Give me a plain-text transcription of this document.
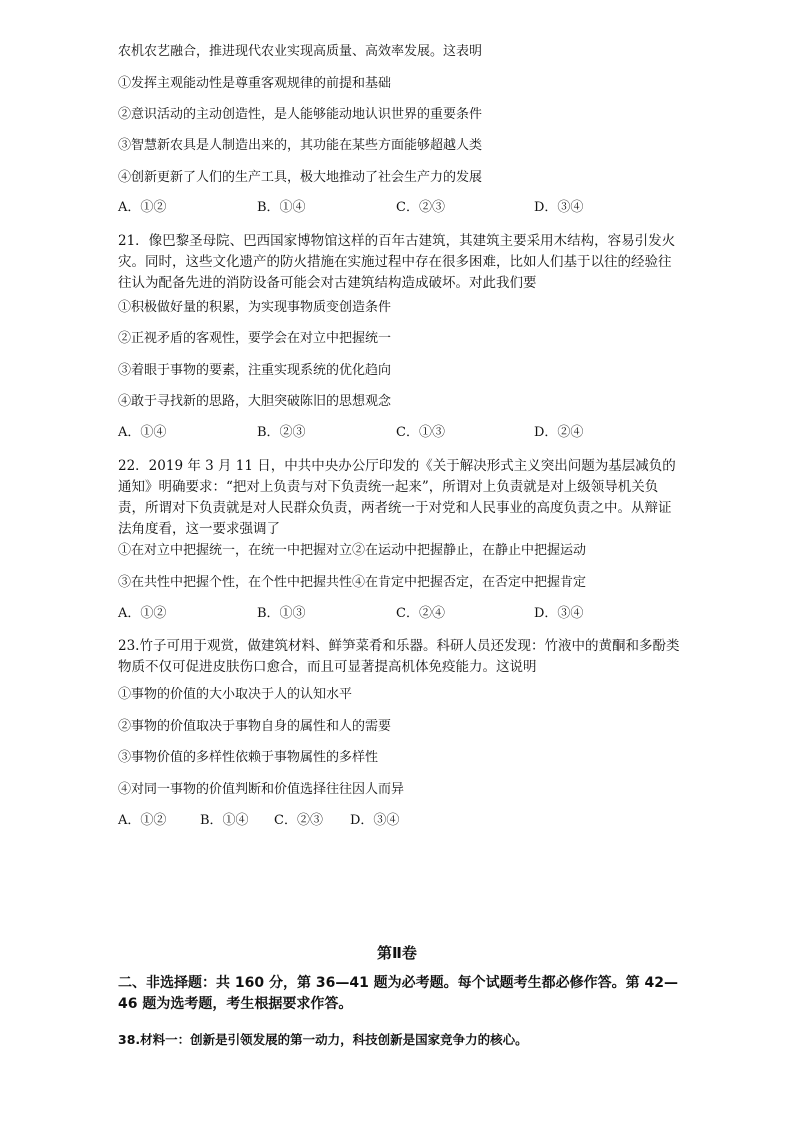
农机农艺融合，推进现代农业实现高质量、高效率发展。这表明
①发挥主观能动性是尊重客观规律的前提和基础
②意识活动的主动创造性，是人能够能动地认识世界的重要条件
③智慧新农具是人制造出来的，其功能在某些方面能够超越人类
④创新更新了人们的生产工具，极大地推动了社会生产力的发展
A．①②	B．①④	C．②③	D．③④
21．像巴黎圣母院、巴西国家博物馆这样的百年古建筑，其建筑主要采用木结构，容易引发火灾。同时，这些文化遗产的防火措施在实施过程中存在很多困难，比如人们基于以往的经验往往认为配备先进的消防设备可能会对古建筑结构造成破坏。对此我们要
①积极做好量的积累，为实现事物质变创造条件
②正视矛盾的客观性，要学会在对立中把握统一
③着眼于事物的要素，注重实现系统的优化趋向
④敢于寻找新的思路，大胆突破陈旧的思想观念
A．①④	B．②③	C．①③	D．②④
22．2019 年 3 月 11 日，中共中央办公厅印发的《关于解决形式主义突出问题为基层减负的通知》明确要求：“把对上负责与对下负责统一起来”，所谓对上负责就是对上级领导机关负责，所谓对下负责就是对人民群众负责，两者统一于对党和人民事业的高度负责之中。从辩证法角度看，这一要求强调了
①在对立中把握统一，在统一中把握对立②在运动中把握静止，在静止中把握运动
③在共性中把握个性，在个性中把握共性④在肯定中把握否定，在否定中把握肯定
A．①②	B．①③	C．②④	D．③④
23.竹子可用于观赏，做建筑材料、鲜笋菜肴和乐器。科研人员还发现：竹液中的黄酮和多酚类物质不仅可促进皮肤伤口愈合，而且可显著提高机体免疫能力。这说明
①事物的价值的大小取决于人的认知水平
②事物的价值取决于事物自身的属性和人的需要
③事物价值的多样性依赖于事物属性的多样性
④对同一事物的价值判断和价值选择往往因人而异
A．①②	B．①④ C．②③ D．③④
第Ⅱ卷
二、非选择题：共 160 分，第 36—41 题为必考题。每个试题考生都必修作答。第 42—46 题为选考题，考生根据要求作答。
38.材料一：创新是引领发展的第一动力，科技创新是国家竞争力的核心。
